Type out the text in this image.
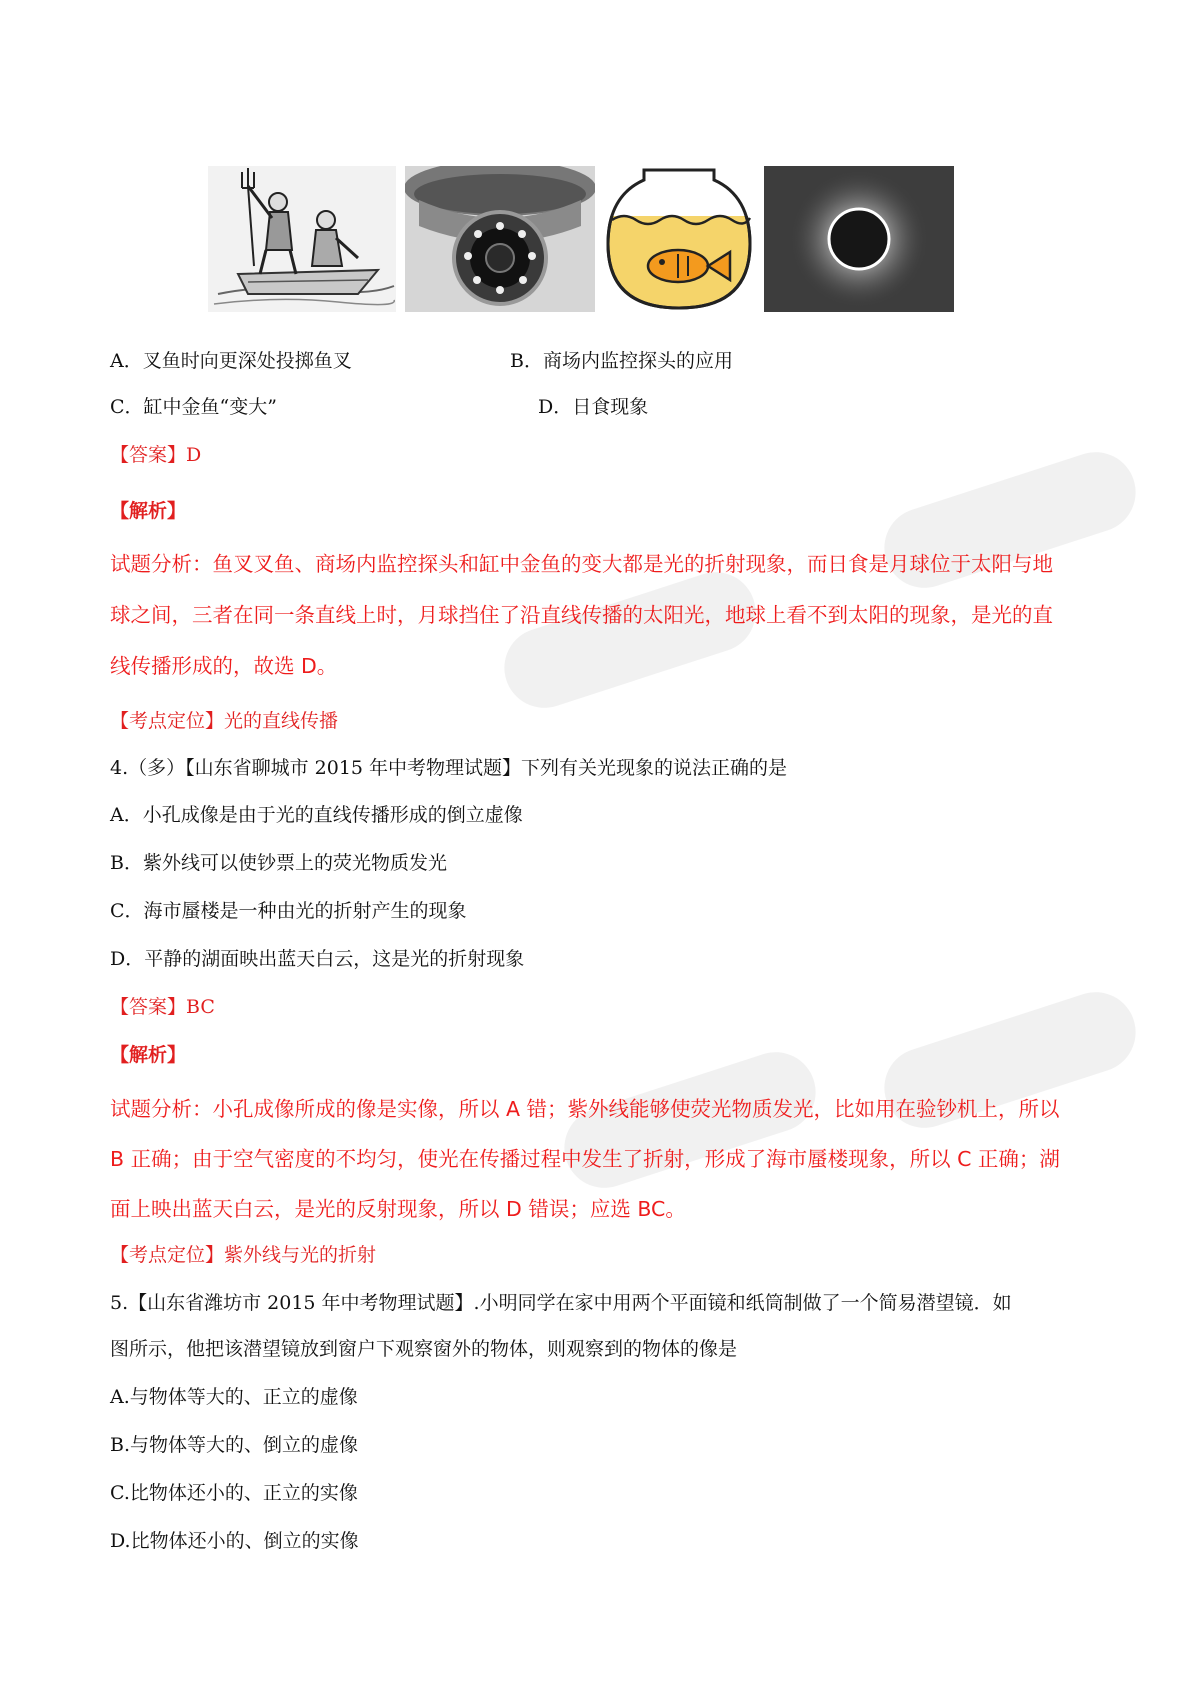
A．叉鱼时向更深处投掷鱼叉	B．商场内监控探头的应用
C．缸中金鱼“变大”	D．日食现象
【答案】D
【解析】
试题分析：鱼叉叉鱼、商场内监控探头和缸中金鱼的变大都是光的折射现象，而日食是月球位于太阳与地
球之间，三者在同一条直线上时，月球挡住了沿直线传播的太阳光，地球上看不到太阳的现象，是光的直
线传播形成的，故选 D。
【考点定位】光的直线传播
4.（多）【山东省聊城市 2015 年中考物理试题】下列有关光现象的说法正确的是
A．小孔成像是由于光的直线传播形成的倒立虚像
B．紫外线可以使钞票上的荧光物质发光
C．海市蜃楼是一种由光的折射产生的现象
D．平静的湖面映出蓝天白云，这是光的折射现象
【答案】BC
【解析】
试题分析：小孔成像所成的像是实像，所以 A 错；紫外线能够使荧光物质发光，比如用在验钞机上，所以
B 正确；由于空气密度的不均匀，使光在传播过程中发生了折射，形成了海市蜃楼现象，所以 C 正确；湖
面上映出蓝天白云，是光的反射现象，所以 D 错误；应选 BC。
【考点定位】紫外线与光的折射
5.【山东省潍坊市 2015 年中考物理试题】.小明同学在家中用两个平面镜和纸筒制做了一个简易潜望镜．如
图所示，他把该潜望镜放到窗户下观察窗外的物体，则观察到的物体的像是
A.与物体等大的、正立的虚像
B.与物体等大的、倒立的虚像
C.比物体还小的、正立的实像
D.比物体还小的、倒立的实像
